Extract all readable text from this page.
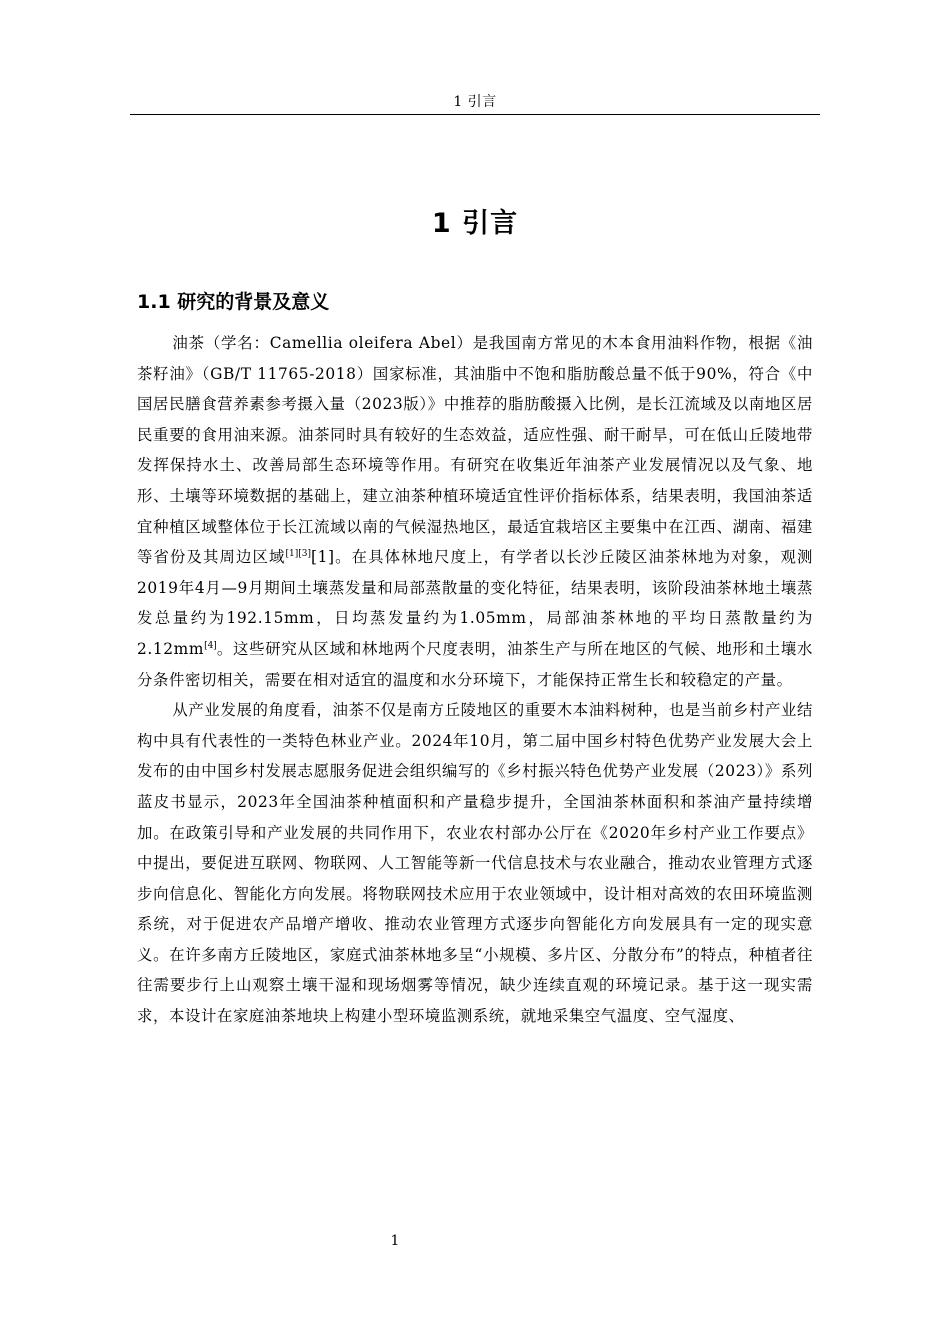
1 引言
1 引言
1.1 研究的背景及意义

油茶（学名：Camellia oleifera Abel）是我国南方常见的木本食用油料作物，根据《油茶籽油》（GB/T 11765-2018）国家标准，其油脂中不饱和脂肪酸总量不低于90%，符合《中国居民膳食营养素参考摄入量（2023版）》中推荐的脂肪酸摄入比例，是长江流域及以南地区居民重要的食用油来源。油茶同时具有较好的生态效益，适应性强、耐干耐旱，可在低山丘陵地带发挥保持水土、改善局部生态环境等作用。有研究在收集近年油茶产业发展情况以及气象、地形、土壤等环境数据的基础上，建立油茶种植环境适宜性评价指标体系，结果表明，我国油茶适宜种植区域整体位于长江流域以南的气候湿热地区，最适宜栽培区主要集中在江西、湖南、福建等省份及其周边区域[1][3][1]。在具体林地尺度上，有学者以长沙丘陵区油茶林地为对象，观测2019年4月—9月期间土壤蒸发量和局部蒸散量的变化特征，结果表明，该阶段油茶林地土壤蒸发总量约为192.15mm，日均蒸发量约为1.05mm，局部油茶林地的平均日蒸散量约为2.12mm[4]。这些研究从区域和林地两个尺度表明，油茶生产与所在地区的气候、地形和土壤水分条件密切相关，需要在相对适宜的温度和水分环境下，才能保持正常生长和较稳定的产量。

从产业发展的角度看，油茶不仅是南方丘陵地区的重要木本油料树种，也是当前乡村产业结构中具有代表性的一类特色林业产业。2024年10月，第二届中国乡村特色优势产业发展大会上发布的由中国乡村发展志愿服务促进会组织编写的《乡村振兴特色优势产业发展（2023）》系列蓝皮书显示，2023年全国油茶种植面积和产量稳步提升，全国油茶林面积和茶油产量持续增加。在政策引导和产业发展的共同作用下，农业农村部办公厅在《2020年乡村产业工作要点》中提出，要促进互联网、物联网、人工智能等新一代信息技术与农业融合，推动农业管理方式逐步向信息化、智能化方向发展。将物联网技术应用于农业领域中，设计相对高效的农田环境监测系统，对于促进农产品增产增收、推动农业管理方式逐步向智能化方向发展具有一定的现实意义。在许多南方丘陵地区，家庭式油茶林地多呈“小规模、多片区、分散分布”的特点，种植者往往需要步行上山观察土壤干湿和现场烟雾等情况，缺少连续直观的环境记录。基于这一现实需求，本设计在家庭油茶地块上构建小型环境监测系统，就地采集空气温度、空气湿度、

1
